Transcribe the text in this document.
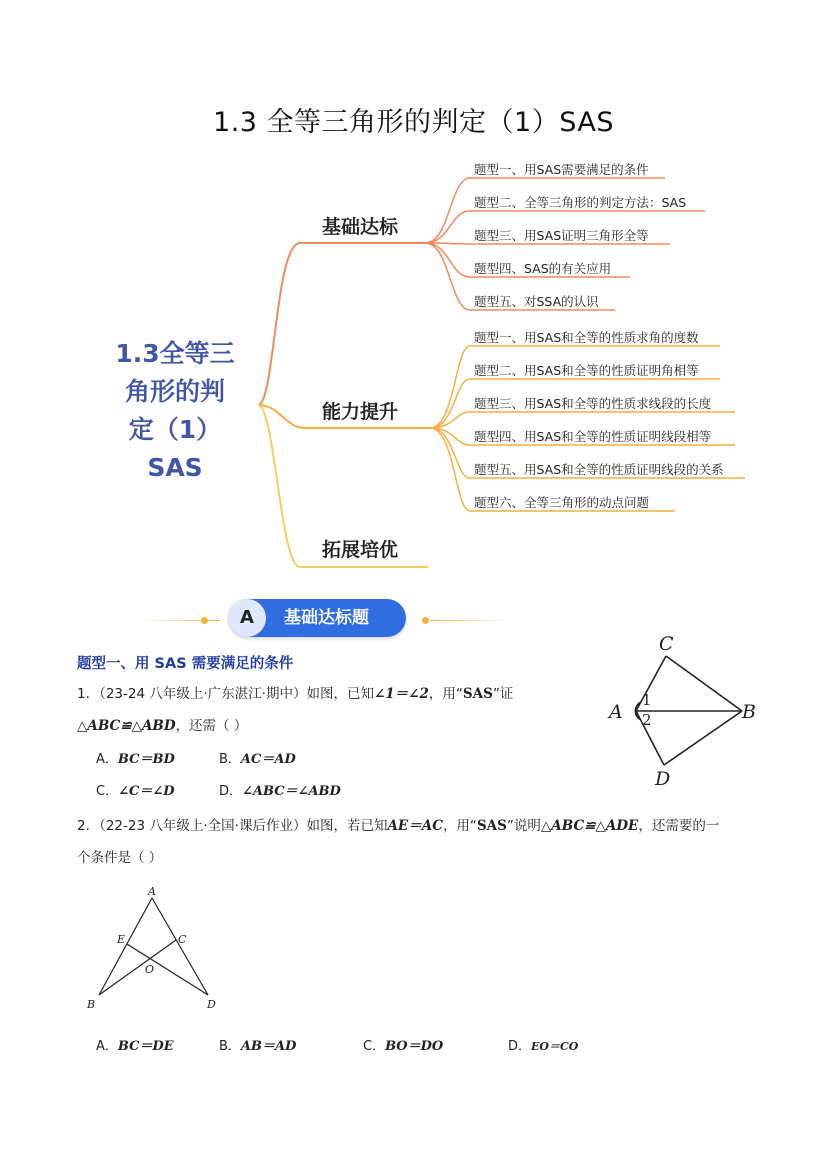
1.3 全等三角形的判定（1）SAS
1.3全等三
角形的判
定（1）
SAS
基础达标
能力提升
拓展培优
题型一、用SAS需要满足的条件
题型二、全等三角形的判定方法：SAS
题型三、用SAS证明三角形全等
题型四、SAS的有关应用
题型五、对SSA的认识
题型一、用SAS和全等的性质求角的度数
题型二、用SAS和全等的性质证明角相等
题型三、用SAS和全等的性质求线段的长度
题型四、用SAS和全等的性质证明线段相等
题型五、用SAS和全等的性质证明线段的关系
题型六、全等三角形的动点问题
A	基础达标题
题型一、用 SAS 需要满足的条件
1．（23-24 八年级上·广东湛江·期中）如图，已知∠1＝∠2，用“SAS”证
△ABC≌△ABD，还需（ ）
A．BC＝BD	B．AC＝AD
C．∠C＝∠D	D．∠ABC＝∠ABD
C
A	B
D
1
2
2．（22-23 八年级上·全国·课后作业）如图，若已知AE＝AC，用“SAS”说明△ABC≌△ADE，还需要的一
个条件是（ ）
A
E	C
O
B	D
A．BC＝DE	B．AB＝AD	C．BO＝DO	D．EO＝CO
